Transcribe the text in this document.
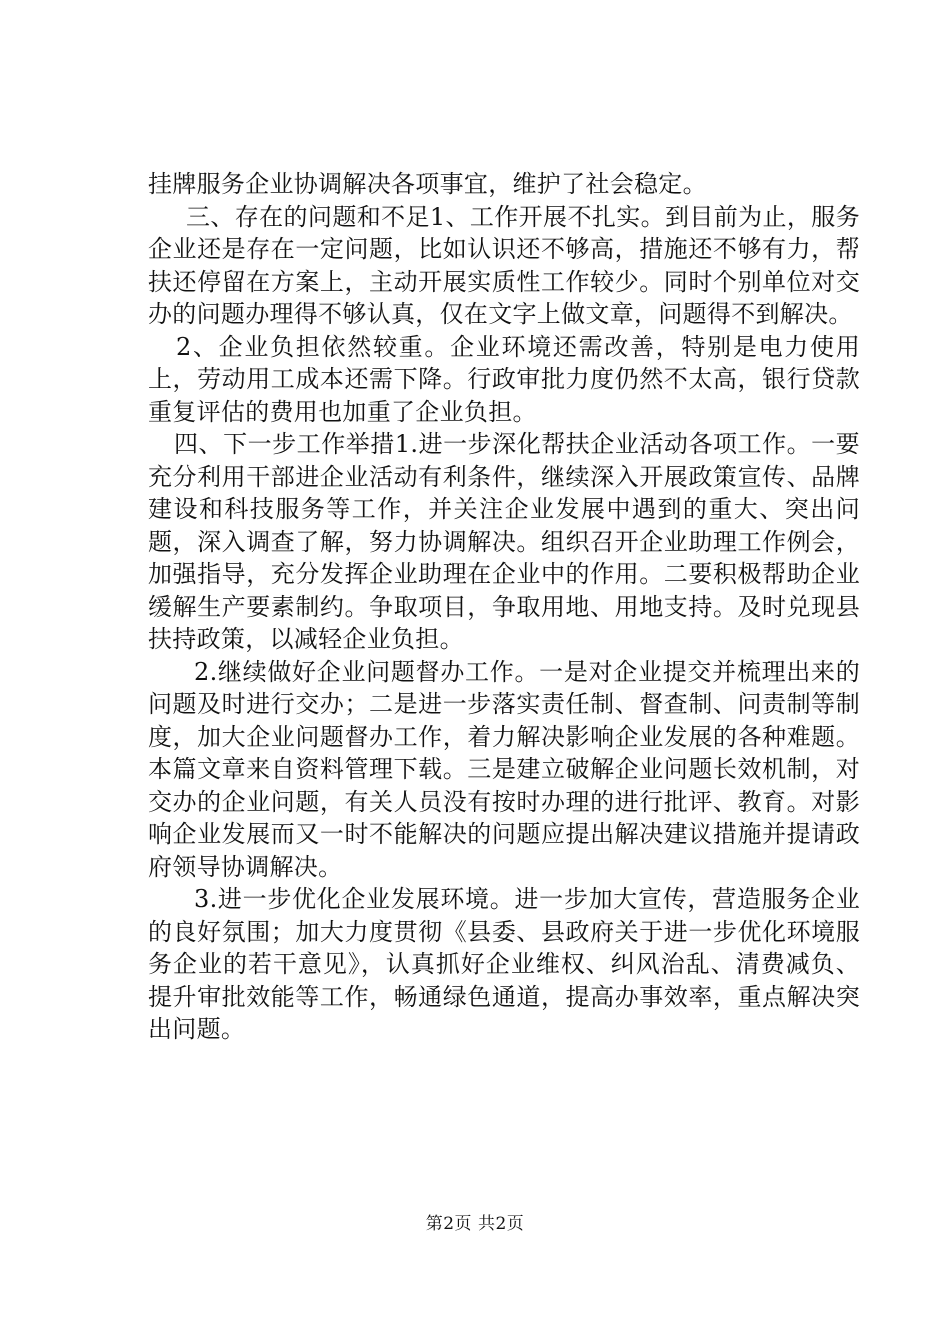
挂牌服务企业协调解决各项事宜，维护了社会稳定。

三、存在的问题和不足1、工作开展不扎实。到目前为止，服务企业还是存在一定问题，比如认识还不够高，措施还不够有力，帮扶还停留在方案上，主动开展实质性工作较少。同时个别单位对交办的问题办理得不够认真，仅在文字上做文章，问题得不到解决。

2、企业负担依然较重。企业环境还需改善，特别是电力使用上，劳动用工成本还需下降。行政审批力度仍然不太高，银行贷款重复评估的费用也加重了企业负担。

四、下一步工作举措1.进一步深化帮扶企业活动各项工作。一要充分利用干部进企业活动有利条件，继续深入开展政策宣传、品牌建设和科技服务等工作，并关注企业发展中遇到的重大、突出问题，深入调查了解，努力协调解决。组织召开企业助理工作例会，加强指导，充分发挥企业助理在企业中的作用。二要积极帮助企业缓解生产要素制约。争取项目，争取用地、用地支持。及时兑现县扶持政策，以减轻企业负担。

2.继续做好企业问题督办工作。一是对企业提交并梳理出来的问题及时进行交办；二是进一步落实责任制、督查制、问责制等制度，加大企业问题督办工作，着力解决影响企业发展的各种难题。本篇文章来自资料管理下载。三是建立破解企业问题长效机制，对交办的企业问题，有关人员没有按时办理的进行批评、教育。对影响企业发展而又一时不能解决的问题应提出解决建议措施并提请政府领导协调解决。

3.进一步优化企业发展环境。进一步加大宣传，营造服务企业的良好氛围；加大力度贯彻《县委、县政府关于进一步优化环境服务企业的若干意见》，认真抓好企业维权、纠风治乱、清费减负、提升审批效能等工作，畅通绿色通道，提高办事效率，重点解决突出问题。

第2页 共2页
